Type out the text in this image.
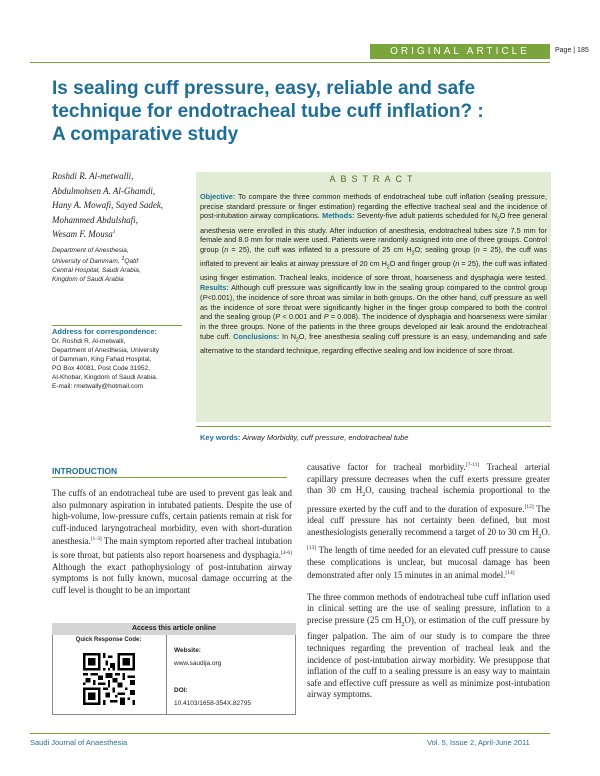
ORIGINAL ARTICLE	Page | 185
Is sealing cuff pressure, easy, reliable and safe
technique for endotracheal tube cuff inflation? :
A comparative study
Roshdi R. Al-metwalli,
Abdulmohsen A. Al-Ghamdi,
Hany A. Mowafi, Sayed Sadek,
Mohammed Abdulshafi,
Wesam F. Mousa$^1$
Department of Anesthesia,
University of Dammam, $^1$Qatif
Central Hospital, Saudi Arabia,
Kingdom of Saudi Arabia
Address for correspondence:
Dr. Roshdi R. Al-metwalli,
Department of Anesthesia, University
of Dammam, King Fahad Hospital,
PO Box 40081, Post Code 31952,
Al-Khobar, Kingdom of Saudi Arabia.
E-mail: rmetwally@hotmail.com
ABSTRACT
Objective: To compare the three common methods of endotracheal tube cuff inflation (sealing pressure, precise standard pressure or finger estimation) regarding the effective tracheal seal and the incidence of post-intubation airway complications. Methods: Seventy-five adult patients scheduled for $N_2O$ free general anesthesia were enrolled in this study. After induction of anesthesia, endotracheal tubes size 7.5 mm for female and 8.0 mm for male were used. Patients were randomly assigned into one of three groups. Control group (n = 25), the cuff was inflated to a pressure of 25 cm $H_2O$; sealing group (n = 25), the cuff was inflated to prevent air leaks at airway pressure of 20 cm $H_2O$ and finger group (n = 25), the cuff was inflated using finger estimation. Tracheal leaks, incidence of sore throat, hoarseness and dysphagia were tested. Results: Although cuff pressure was significantly low in the sealing group compared to the control group (P<0.001), the incidence of sore throat was similar in both groups. On the other hand, cuff pressure as well as the incidence of sore throat were significantly higher in the finger group compared to both the control and the sealing group (P < 0.001 and P = 0.008). The incidence of dysphagia and hoarseness were similar in the three groups. None of the patients in the three groups developed air leak around the endotracheal tube cuff. Conclusions: In $N_2O$, free anesthesia sealing cuff pressure is an easy, undemanding and safe alternative to the standard technique, regarding effective sealing and low incidence of sore throat.
Key words: Airway Morbidity, cuff pressure, endotracheal tube
INTRODUCTION
The cuffs of an endotracheal tube are used to prevent gas leak and also pulmonary aspiration in intubated patients. Despite the use of high-volume, low-pressure cuffs, certain patients remain at risk for cuff-induced laryngotracheal morbidity, even with short-duration anesthesia.[1-3] The main symptom reported after tracheal intubation is sore throat, but patients also report hoarseness and dysphagia.[4-6] Although the exact pathophysiology of post-intubation airway symptoms is not fully known, mucosal damage occurring at the cuff level is thought to be an important

causative factor for tracheal morbidity.[7-11] Tracheal arterial capillary pressure decreases when the cuff exerts pressure greater than 30 cm $H_2O$, causing tracheal ischemia proportional to the pressure exerted by the cuff and to the duration of exposure.[12] The ideal cuff pressure has not certainty been defined, but most anesthesiologists generally recommend a target of 20 to 30 cm $H_2O.[13]$ The length of time needed for an elevated cuff pressure to cause these complications is unclear, but mucosal damage has been demonstrated after only 15 minutes in an animal model.[14]

The three common methods of endotracheal tube cuff inflation used in clinical setting are the use of sealing pressure, inflation to a precise pressure (25 cm $H_2O$), or estimation of the cuff pressure by finger palpation. The aim of our study is to compare the three techniques regarding the prevention of tracheal leak and the incidence of post-intubation airway morbidity. We presuppose that inflation of the cuff to a sealing pressure is an easy way to maintain safe and effective cuff pressure as well as minimize post-intubation airway symptoms.

Access this article online
Quick Response Code:
Website:
www.saudija.org
DOI:
10.4103/1658-354X.82795
Saudi Journal of Anaesthesia	Vol. 5, Issue 2, April-June 2011
